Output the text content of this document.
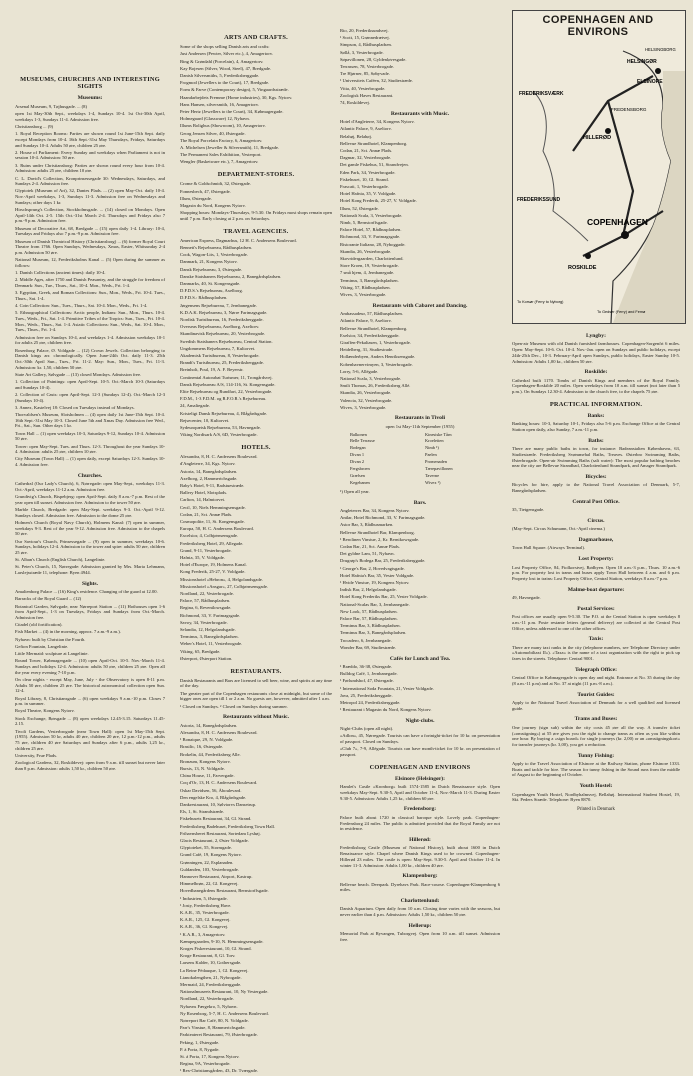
MUSEUMS, CHURCHES AND INTERESTING SIGHTS
Museums:

Arsenal Museum, 9, Tøjhusgade. ... (8)

open 1st May-30th Sept., weekdays 1-4, Sundays 10-4. 1st Oct-30th April, weekdays 1-3, Sundays 11-4. Admission free.

Christiansborg ... (9)

1. Royal Reception Rooms: Parties are shown round 1st June-15th Sept. daily except Mondays from 10-4. 16th Sept.-31st May Thursdays, Fridays, Saturdays and Sundays 10-4. Adults 50 øre, children 25 øre.

2. House of Parliament: Every Sunday and weekdays when Parliament is not in session 10-4. Admission: 50 øre.

3. Ruins under Christiansborg: Parties are shown round every hour from 10-4. Admission: adults 25 øre, children 10 øre.

C. L. David's Collection, Kronprinsessegade 30: Wednesdays, Saturdays, and Sundays 2-4. Admission free.

Glyptotek (Museum of Art), 32, Dantes Plads. ... (2) open May-Oct. daily 10-4. Nov.-April weekdays, 1-3, Sundays 11-3. Admission free on Wednesdays and Sundays; other days 1 kr.

Hirschsprung's Collection, Stockholmsgade. ... (14) closed on Mondays. Open April-14th Oct. 2-5. 15th Oct.-31st March 2-4. Thursdays and Fridays also 7 p.m.-9 p.m. Admission free.

Museum of Decorative Art, 68, Bredgade ... (15) open daily 1-4. Library: 10-4, Tuesdays and Fridays also 7 p.m.-9 p.m. Admission free.

Museum of Danish Theatrical History (Christiansborg) ... (6) former Royal Court Theatre from 1766. Open Sundays, Wednesdays, Xmas, Easter, Whitsunday 2-4 p.m. Admission 50 øre.

National Museum, 12, Frederiksholms Kanal ... (5) Open during the summer as follows:

1. Danish Collections (ancient times): daily 10-4.

2. Middle Ages, after 1750 and Danish Peasantry, and the struggle for freedom of Denmark: Sun., Tue., Thurs., Sat., 10-4. Mon., Weds., Fri. 1-4.

3. Egyptian, Greek, and Roman Collections: Sun., Mon., Weds., Fri. 10-4. Tues., Thurs., Sat. 1-4.

4. Coin Collection: Sun., Tues., Thurs., Sat. 10-4. Mon., Weds., Fri. 1-4.

5. Ethnographical Collections: Arctic people, Indians: Sun., Mon., Thurs. 10-4. Tues., Weds., Fri., Sat. 1-4. Primitive Tribes of the Tropics: Sun., Tues., Fri. 10-4. Mon., Weds., Thurs., Sat. 1-4. Asiatic Collections: Sun., Weds., Sat. 10-4. Mon., Tues., Thurs., Fri. 1-4.

Admission free on Sundays 10-4, and weekdays 1-4. Admission weekdays 10-1 for adults 25 øre, children free.

Rosenborg Palace, Ø. Voldgade ... (12) Crown Jewels. Collection belonging to Danish kings arr. chronologically. Open June-24th Oct. daily 11-3. 25th Oct.-30th April Sun., Tues., Fri. 11-2. May: Sun., Mon., Tues., Fri. 11-3. Admission: kr. 1,50, children 50 øre.

State Art Gallery, Sølvgade ... (13) closed Mondays. Admission free.

1. Collection of Paintings: open April-Sept. 10-5. Oct.-March 10-3 (Saturdays and Sundays 10-4).

2. Collection of Casts: open April-Sept. 12-3 (Sundays 12-4). Oct.-March 12-3 (Sundays 10-4).

3. Annex, Kastelvej 18: Closed on Tuesdays instead of Mondays.

Thorvaldsen's Museum, Slotsholmen ... (4) open daily 1st June-15th Sept. 10-4. 16th Sept.-31st May 10-3. Closed June 5th and Xmas Day. Admission free Wed., Fri., Sat., Sun. Other days 1 kr.

Town Hall ... (1) open weekdays 10-3, Saturdays 9-12, Sundays 10-4. Admission 50 øre.

Tower: open May-Sept. Tues. and Thurs. 12-3. Throughout the year Sundays 10-4. Admission: adults 25 øre, children 10 øre.

City Museum (Town Hall) ... (1) open daily, except Saturdays 12-3. Sundays 10-4. Admission free.

Churches.

Cathedral (Our Lady's Church), 6, Nørregade: open May-Sept., weekdays 11-3. Oct.-April, weekdays 11-12 a.m. Admission free.

Grundtvig's Church, Bispebjerg: open April-Sept. daily 8 a.m.-7 p.m. Rest of the year open till sunset. Admission free. Admission to the tower 50 øre.

Marble Church, Bredgade: open May-Sept. weekdays 9-3. Oct.-April 9-12. Sundays closed. Admission free. Admission to the dome 25 øre.

Holmen's Church (Royal Navy Church), Holmens Kanal: (7) open in summer, weekdays 9-3. Rest of the year 9-12. Admission free. Admission to the chapels 50 øre.

Our Saviour's Church, Prinsessegade ... (9) open in summer, weekdays 10-6. Sundays, holidays 12-4. Admission to the tower and spire: adults 50 øre, children 25 øre.

St. Alban's Church (English Church), Langelinie.

St. Peter's Church, 15, Nørregade: Admission granted by Mrs. Maria Lehmann, Larslejsstræde 11, telephone: Byen 4944.

Sights.

Amalienborg Palace ... (16) King's residence. Changing of the guard at 12.00.

Barracks of the Royal Guard ... (12)

Botanical Garden, Sølvgade, near Nørreport Station ... (11) Hothouses open 1-6 from April-Sept., 1-3 on Tuesdays, Fridays and Sundays from Oct.-March. Admission free.

Citadel (old fortification).

Fish Market ... (4) in the morning, approx. 7 a.m.-9 a.m.).

Nyhavn: built by Christian the Fourth.

Gefion Fountain, Langelinie.

Little Mermaid: sculpture at Langelinie.

Round Tower, Købmagergade ... (10) open April-Oct. 10-5. Nov.-March 11-4. Sundays and holidays 12-4. Admission: adults 50 øre, children 25 øre. Open all the year every evening 7-10 p.m.

On clear nights - except May, June, July - the Observatory is open 8-11 p.m. Adults 50 øre, children 25 øre. The historical astronomical collection open Sun. 12-4.

Royal Library, 8, Christiansgade ... (6) open weekdays 9 a.m.-10 p.m. Closes 7 p.m. in summer.

Royal Theatre, Kongens Nytorv.

Stock Exchange, Børsgade ... (8) open weekdays 12.45-3.15. Saturdays 11.45-2.15.

Tivoli Gardens, Vesterbrogade (near Town Hall): open 1st May-15th Sept. (1955). Admission 50 kr, adults 40 øre, children 20 øre, 12 p.m.-12 p.m., adults 75 øre, children 40 øre Saturdays and Sundays after 6 p.m., adults 1,25 kr., children 25 øre.

University, Frue Plads.

Zoological Gardens, 32, Roskildevej: open from 9 a.m. till sunset but never later than 8 p.m. Admission: adults 1,50 kr., children 50 øre.

ARTS AND CRAFTS.

Some of the shops selling Danish arts and crafts:

Just Andersen (Pewter, Silver etc.), 4, Amagertorv.

Bing & Grøndahl (Porcelain), 4, Amagertorv.

Kay Bojesen (Silver, Wood, Steel), 47, Bredgade.

Danish Silversmiths, 5, Frederiksberggade.

Frogmod (Jewellers to the Court), 17, Bredgade.

Form & Farve (Contemporary design), 5, Vingaardsstræde.

Haandarbejdets Fremme (Home industries), 30, Kgs. Nytorv.

Hans Hansen, silversmith, 16, Amagertorv.

Peter Hertz (Jewellers to the Court), 34, Købmagergade.

Holmegaard (Glassware) 12, Nyhavn.

Illums Bolighus (Showroom), 10, Amagertorv.

Georg Jensen Silver, 40, Østergade.

The Royal Porcelain Factory, 6, Amagertorv.

A. Michelsen (Jeweller & Silversmith), 11, Bredgade.

The Permanent Sales Exhibition, Vesterport.

Wengler (Basketware etc.), 7, Amagertorv.

DEPARTMENT-STORES.

Crome & Goldschmidt, 32, Østergade.

Fonnesbech, 47, Østergade.

Illum, Østergade.

Magasin du Nord, Kongens Nytorv.

Shopping hours: Mondays-Thursdays, 9-5.30. On Fridays most shops remain open until 7 p.m. Early closing at 2 p.m. on Saturdays.

TRAVEL AGENCIES.

American Express, Dagmarhus, 12 H. C. Andersens Boulevard.

Bennett's Rejsebureau, Rådhuspladsen.

Cook, Wagon-Lits, 1, Vesterbrogade.

Danmark, 21, Kongens Nytorv.

Dansk Rejsebureau, 3, Østergade.

Danske Statsbaners Rejsebureau, 2, Banegårdspladsen.

Danmarks, 40, St. Kongensgade.

D.F.D.S.'s Rejsebureau, Axelborg.

D.F.D.S.: Rådhuspladsen.

Jørgensens Rejsebureau, 7, Jernbanegade.

K.D.A.K. Rejsebureau, 3, Nørre Farimagsgade.

Nordisk Turistbureau, 16, Frederiksberggade.

Overseas Rejsebureau, Axelborg, Axeltorv.

Skandinavisk Rejsebureau, 20, Vesterbrogade.

Swedish Statsbaners Rejsebureau, Central Station.

Ungdommens Rejsebureau, 7, Kultorvet.

Akademisk Turistbureau, 8, Vesterbrogade.

Brandt's Turistbureau, 25, Frederiksberggade.

Breinholt, Poul, 19, A. F. Beyerstr.

Continental Autorabat Turismer, 11, Trongårdsvej.

Dansk Rejsebureau A/S, 114-116, St. Kongensgade.

Elite Rejsebureau og Rundfart, 22, Vesterbrogade.

F.D.M., 1-3 F.D.M. og R.F.O.R.'s Rejsebureau.

24, Amaliegade.

Kristeligt Dansk Rejsebureau, 4, Blågårdsgade.

Rejsecenter, 10, Kultorvet.

Sydeuropæisk Rejsebureau, 53, Havnegade.

Viking Nordisark A/S, 6D, Vesterbrogade.

HOTELS.

Alexandra, 8, H. C. Andersens Boulevard.

d'Angleterre, 34, Kgs. Nytorv.

Astoria, 14, Banegårdspladsen.

Axelborg, 2, Hammerichsgade.

Baby's Hotel, 9-11, Badstuestræde.

Ballery Hotel, Slotsplads.

Carlton, 14, Halmtorvet.

Cecil, 10, Niels Hemmingsensgade.

Codan, 21, Sct. Annæ Plads.

Cosmopolite, 11, St. Kongensgade.

Europa, 50, H. C. Andersens Boulevard.

Excelsior, 4, Colbjørnsensgade.

Frederiksberg Hotel, 29, Allegade.

Grand, 9-11, Vesterbrogade.

Hafnia, 35, V. Voldgade.

Hotel d'Europe, 19, Holmens Kanal.

Kong Frederik, 25-27, V. Voldgade.

Missionshotel «Hebron», 4, Helgolandsgade.

Missionshotel «Ansgar», 27, Colbjørnsensgade.

Nordland, 22, Vesterbrogade.

Palace, 57, Rådhuspladsen.

Regina, 6, Reventlowsgade.

Richmond, 33, V. Farimagsgade.

Savoy, 34, Vesterbrogade.

Selandia, 12, Helgolandsgade.

Terminus, 3, Banegårdspladsen.

Weber's Hotel, 11, Vesterbrogade.

Viking, 65, Bredgade.

Østerport, Østerport Station.

RESTAURANTS.

Danish Restaurants and Bars are licensed to sell beer, wine, and spirits at any time of the day.

The greater part of the Copenhagen restaurants close at midnight, but some of the bigger ones are open till 1 or 2 a.m. No guests are, however, admitted after 1 a.m.

¹ Closed on Sundays. ² Closed on Sundays during summer.

Restaurants without Music.

Astoria, 14, Banegårdspladsen.

Alexandra, 8, H. C. Andersens Boulevard.

¹ Bonaique, 29, N. Voldgade.

Brasilic, 16, Østergade.

Brokelin, 44, Frederiksberg Alle.

Bronzum, Kongens Nytorv.

Bursis, 13, N. Voldgade.

China House, 11, Farvergade.

Coq d'Or, 13, H. C. Andersens Boulevard.

Oskar Davidsen, 56, Åboulevard.

Den engelske Kro, 4, Blågårdsgade.

Dankrestaurant, 10, Sølvtorvs Dansetrup.

Els, 1, St. Strandstræde.

Fiskehusets Restaurant, 34, Gl. Strand.

Frederiksberg Badehuset, Frederiksberg Town Hall.

Frihavnsberet Restaurant, Sortedam Lyshøj.

Glacis Restaurant, 2, Øster Voldgade.

Glyptoteket, 55, Stormgade.

Grand Café, 19, Kongens Nytorv.

Grønningen, 22, Esplanaden.

Guldanden, 103, Vesterbrogade.

Hannover Restaurant, Airport, Kastrup.

Himmelbrøn, 22, Gl. Kongevej.

Hovedbanegårdens Restaurant, Bernstorffsgade.

¹ Industrien, 5, Østergade.

¹ Josty, Frederiksberg Have.

K.A.R., 35, Vesterbrogade.

K.A.R., 125, Gl. Kongevej.

K.A.R., 36, Gl. Kongevej.

¹ K.A.R., 3, Amagertorv.

Kæmpegaarden, 9-10, N. Hemmingsensgade.

Kroges Fiskerestaurant, 10, Gl. Strand.

Kroge Restaurant, 8, Gl. Torv.

Larsens Kalder, 10, Gothersgade.

La Reine Pédauque, 1, Gl. Kongevej.

Lianokalengthen, 21, Nybrogade.

Mermaid, 24, Frederiksberggade.

Nationalmuseets Restaurant, 10, Ny Vestergade.

Nordland, 22, Vesterbrogade.

Nyhavns Færgekro, 5, Nyhavn.

Ny Rosenborg, 5-7, H. C. Andersens Boulevard.

Nørreport Bar Café, 80, N. Voldgade.

Parr's Vinstue, 8, Hammerichsgade.

Parkteateret Restaurant, 79, Østerbrogade.

Peking, 1, Østergade.

P. à Porta, 8, Nygade.

St. á Porta, 17, Kongens Nytorv.

Regina, 9A, Vesterbrogade.

¹ Rex-Christiansgården, 43, Dr. Tværgade.

Rio, 20, Frederiksundsvej.

¹ Scott, 15, Grønnedrætvej.

Simpson, 4, Rådhuspladsen.

Søllå, 3, Vesterbrogade.

Søpavillonen, 28, Gyldenløvesgade.

Terrassen, 78, Vesterbrogade.

Tre Hjørner, 85, Søbyvade.

¹ Universitets Caféen, 32, Studiestræde.

Vitta, 40, Vesterbrogade.

Zoologisk Haves Restaurant.

74, Roskildevej.

Restaurants with Music.

Hotel d'Angleterre, 34, Kongens Nytorv.

Atlantic Palace, 9, Axeltorv.

Belahøj, Belahøj.

Bellevue Strandhotel, Klampenborg.

Codan, 21, Sct. Annæ Plads.

Dagmar, 32, Vesterbrogade.

Det gamle Fiskehus, 51, Strandvejen.

Eden Park, 34, Vesterbrogade.

Fiskehuset, 10, Gl. Strand.

Frascati, 1, Vesterbrogade.

Hotel Hafnia, 35, V. Voldgade.

Hotel Kong Frederik, 25-27, V. Voldgade.

Illum, 52, Østergade.

Nationalt Scala, 3, Vesterbrogade.

Nimb, 5, Bernstorffsgade.

Palace Hotel, 57, Rådhuspladsen.

Richmond, 33, V. Farimagsgade.

Ristorante Italiano, 28, Nyboggade.

Skandia, 26, Vesterbrogade.

Skovridergaarden, Charlottenlund.

Store Kroen, 19, Vesterbrogade.

7 små hjem, 4, Jernbanegade.

Terminus, 3, Banegårdspladsen.

Viking, 57, Rådhuspladsen.

Wivex, 3, Vesterbrogade.

Restaurants with Cabaret and Dancing.

Ambassadeur, 57, Rådhuspladsen.

Atlantic Palace, 9, Axeltorv.

Bellevue Strandhotel, Klampenborg.

Exelsior, 34, Frederiksberggade.

Giraffen-Pekaliasen, 1, Vesterbrogade.

Heidelberg, 31, Studiestrade.

Hollænderbyen, Anders Henriksensgade.

Kobenhavnervimyen, 3, Vesterbrogade.

Lorry, 5-6, Allégade.

National Scala, 3, Vesterbrogade.

Smilt Thomas, 26, Frederiksberg Allé.

Skandia, 26, Vesterbrogade.

Valencia, 32, Vesterbrogade.

Wivex, 3, Vesterbrogade.

Restaurants in Tivoli

open 1st May-11th September (1955)

Balkonen

Belle Terrasse

Bodegan

Divan 1

Divan 2

Fergsbroen

Græfsen

Kegebanen

Kinesiske Tårn

Kroeleiten

Nimb ¹)

Paelen

Promenaden

Tærepavillonen

Taverne

Wivex ¹)

¹) Open all year.

Bars.

Angleterres Bar, 34, Kongens Nytorv.

Antlar, Hotel Richmond, 33, V. Farimagsgade.

Astor Bar, 3, Rådhusmarken.

Bellevue Strandhotel Bar, Klampenborg.

¹ Berolinen Vinstue, 2, Kr. Bernikowsgade.

Codan Bar, 21, Sct. Annæ Plads.

Det gyldne Lam, 51, Nyhavn.

Drugrøp's Bodega Bar, 25, Frederiksberggade.

¹ George's Bar, 2, Hovedvagtsgade.

Hotel Hafnia's Bar, 35, Vester Voldgade.

¹ Hvide Vinstue, 19, Kongens Nytorv.

Indisk Bar, 2, Helgolandsgade.

Hotel Kong Frederiks Bar, 25, Vester Voldgade.

National-Scalas Bar, 3, Jernbanegade.

New Look, 57, Rådhuspladsen.

Palace Bar, 57, Rådhuspladsen.

Terminus Bar, 3, Rådhuspladsen.

Terminus Bar, 3, Banegårdspladsen.

Trocadero, 6, Jernbanegade.

Wonder Bar, 69, Studiestræde.

Cafés for Lunch and Tea.

¹ Bræddo, 36-38, Østergade.

Bulldog Café, 1, Jernbanegade.

¹ Førlundshof, 47, Østergade.

¹ International Soda Fountain, 21, Vester Voldgade.

Java, 25, Frederiksberggade.

Metropol 24, Frederiksberggade.

¹ Restaurant i Magasin du Nord, Kongens Nytorv.

Night-clubs.

Night-Clubs (open all night).

«Adlon», 45, Nørregade. Tourists can have a fortnight-ticket for 10 kr. on presentation of passport. Closed on Sundays.

«Club 7», 7-9, Allégade. Tourists can have month-ticket for 10 kr. on presentation of passport.

COPENHAGEN AND ENVIRONS
Elsinore (Helsingør):

Hamlet's Castle «Kronborg» built 1574-1585 in Dutch Renaissance style. Open weekdays May-Sept. 9.30-5, April and October 11-4, Nov.-March 11-3. During Easter 9.30-5. Admission: Adults 1,25 kr., children 60 øre.

Fredensborg:

Palace built about 1720 in classical baroque style. Lovely park. Copenhagen-Fredensborg 24 miles. The public is admitted provided that the Royal Family are not in residence.

Hillerød:

Frederiksborg Castle (Museum of National History), built about 1600 in Dutch Renaissance style. Chapel where Danish Kings used to be crowned. Copenhagen-Hillerød 23 miles. The castle is open: May-Sept. 9.30-5. April and October 11-4. In winter 11-3. Admission: Adults 1,00 kr., children 40 øre.

Klampenborg:

Bellevue beach. Deerpark. Dyrehavs Park. Race-course. Copenhagen-Klampenborg 6 miles.

Charlottenlund:

Danish Aquarium. Open daily from 10 a.m. Closing time varies with the seasons, but never earlier than 4 p.m. Admission: Adults 1,50 kr., children 50 øre.

Hellerup:

Memorial Park at Ryvangen, Tuborgvej. Open from 10 a.m. till sunset. Admission free.

FREDERIKSVÆRK
HILLERØD
HELSINGØR
ELSINORE
FREDERIKSSUND
COPENHAGEN
ROSKILDE
FREDENSBORG
HELSINGBORG
To Korsør (Ferry to Nyborg)
To Gedser (Ferry) and Femø
COPENHAGEN AND ENVIRONS
Lyngby:

Open-air Museum with old Danish furnished farmhouses. Copenhagen-Sorgenfri 6 miles. Open: May-Sept. 10-6. Oct. 10-4. Nov.-Jan. open on Sundays and public holidays, except 24th-25th Dec., 10-3. February-April open Sundays, public holidays, Easter Sunday 10-5. Admission: Adults 1,00 kr., children 50 øre.

Roskilde:

Cathedral built 1170. Tombs of Danish Kings and members of the Royal Family. Copenhagen-Roskilde 20 miles. Open weekdays from 10 a.m. till sunset (not later than 5 p.m.). On Sundays 12.30-4. Admission to the church free, to the chapels 75 øre.

PRACTICAL INFORMATION.
Banks:

Banking hours: 10-3, Saturday 10-1, Fridays also 5-6 p.m. Exchange Office at the Central Station open daily, also Sunday, 7 a.m.-11 p.m.

Baths:

There are many public baths in town, for instance: Badeanstalten Københavns, 63, Studiestræde. Frederiksberg Svømmehal Baths, Treaves. Østerbro Swimming Baths, Østerbrogade. Open-air Swimming Baths (salt water): The most popular bathing beaches near the city are Bellevue Strandbad, Charlottenlund Strandpark, and Amager Strandpark.

Bicycles:

Bicycles for hire, apply to the National Travel Association of Denmark, 5-7, Banegårdspladsen.

Central Post Office.

35, Tietgensgade.

Circus.

(May-Sept. Circus Schumann, Oct.-April cinema.)

Dagmarhouse,

Town Hall Square. (Airways Terminal).

Lost Property:

Lost Property Office, 84, Fiolkorstvej, Rødbyen. Open 10 a.m.-3 p.m., Thurs. 10 a.m.-6 p.m. For property lost in trams and buses apply Town Hall between 4 a.m. and 6 p.m. Property lost in trains: Lost Property Office, Central Station, weekdays 8 a.m.-7 p.m.

Malmø-boat departure:

49, Havnegade.

Postal Services:

Post offices are usually open 9-5.30. The P.O. at the Central Station is open weekdays 8 a.m.-11 p.m. Poste restante letters (general delivery) are collected at the Central Post Office, unless addressed to one of the other offices.

Taxis:

There are many taxi ranks in the city (telephone numbers, see Telephone Directory under «Automobiltaxi II»). «Taxa» is the name of a taxi organization with the right to pick up fares in the streets. Telephone: Central 9001.

Telegraph Office:

Central Office in Købmagergade is open day and night. Entrance at No. 35 during the day (8 a.m.-11 p.m) and at No. 37 at night (11 p.m.-8 a.m.).

Tourist Guides:

Apply to the National Travel Association of Denmark for a well qualified and licensed guide.

Trams and Buses:

One journey (sign sub) within the city costs 45 øre all the way. A transfer ticket («omstigning») at 55 øre gives you the right to change trams as often as you like within one hour. By buying a «sign board» for single journeys (kr. 2,00) or an «omstigningskort» for transfer journeys (kr. 3,00), you get a reduction.

Tunny Fishing:

Apply to the Travel Association of Elsinore at the Railway Station, phone Elsinore 1333. Boats and tackle for hire. The season for tunny fishing in the Sound runs from the middle of August to the beginning of October.

Youth Hostel:

Copenhagen Youth Hostel, Nordbyhalmsvej, Bellahøj. International Student Hostel, 19, Skt. Peders Stræde. Telephone: Byen 8870.

Printed in Denmark
